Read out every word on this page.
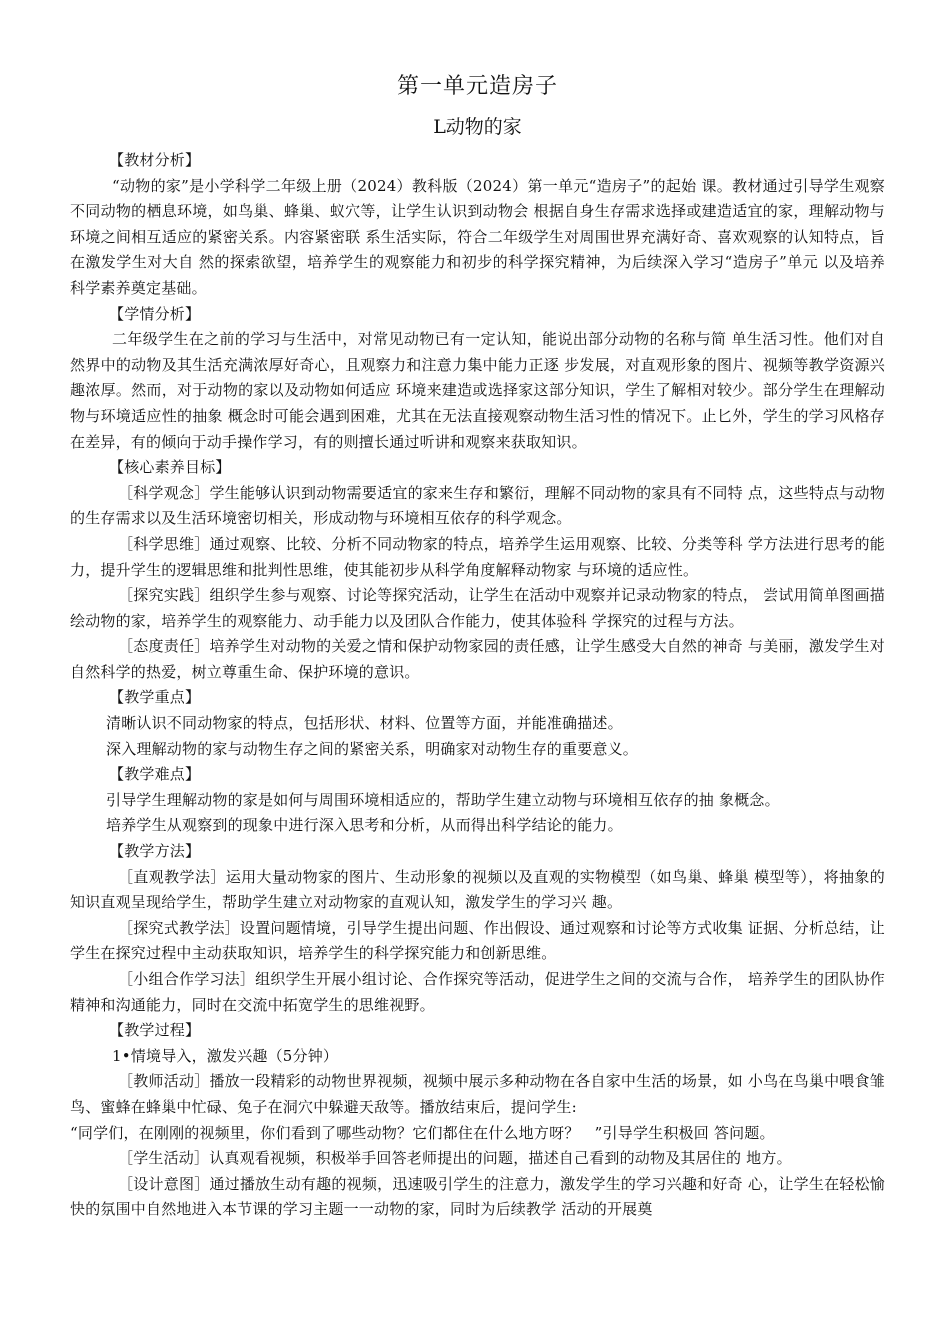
第一单元造房子
L动物的家

【教材分析】

“动物的家”是小学科学二年级上册（2024）教科版（2024）第一单元“造房子”的起始 课。教材通过引导学生观察不同动物的栖息环境，如鸟巢、蜂巢、蚁穴等，让学生认识到动物会 根据自身生存需求选择或建造适宜的家，理解动物与环境之间相互适应的紧密关系。内容紧密联 系生活实际，符合二年级学生对周围世界充满好奇、喜欢观察的认知特点，旨在激发学生对大自 然的探索欲望，培养学生的观察能力和初步的科学探究精神，为后续深入学习“造房子”单元 以及培养科学素养奠定基础。

【学情分析】

二年级学生在之前的学习与生活中，对常见动物已有一定认知，能说出部分动物的名称与简 单生活习性。他们对自然界中的动物及其生活充满浓厚好奇心，且观察力和注意力集中能力正逐 步发展，对直观形象的图片、视频等教学资源兴趣浓厚。然而，对于动物的家以及动物如何适应 环境来建造或选择家这部分知识，学生了解相对较少。部分学生在理解动物与环境适应性的抽象 概念时可能会遇到困难，尤其在无法直接观察动物生活习性的情况下。止匕外，学生的学习风格存 在差异，有的倾向于动手操作学习，有的则擅长通过听讲和观察来获取知识。

【核心素养目标】

［科学观念］学生能够认识到动物需要适宜的家来生存和繁衍，理解不同动物的家具有不同特 点，这些特点与动物的生存需求以及生活环境密切相关，形成动物与环境相互依存的科学观念。

［科学思维］通过观察、比较、分析不同动物家的特点，培养学生运用观察、比较、分类等科 学方法进行思考的能力，提升学生的逻辑思维和批判性思维，使其能初步从科学角度解释动物家 与环境的适应性。

［探究实践］组织学生参与观察、讨论等探究活动，让学生在活动中观察并记录动物家的特点， 尝试用简单图画描绘动物的家，培养学生的观察能力、动手能力以及团队合作能力，使其体验科 学探究的过程与方法。

［态度责任］培养学生对动物的关爱之情和保护动物家园的责任感，让学生感受大自然的神奇 与美丽，激发学生对自然科学的热爱，树立尊重生命、保护环境的意识。

【教学重点】

清晰认识不同动物家的特点，包括形状、材料、位置等方面，并能准确描述。

深入理解动物的家与动物生存之间的紧密关系，明确家对动物生存的重要意义。

【教学难点】

引导学生理解动物的家是如何与周围环境相适应的，帮助学生建立动物与环境相互依存的抽 象概念。

培养学生从观察到的现象中进行深入思考和分析，从而得出科学结论的能力。

【教学方法】

［直观教学法］运用大量动物家的图片、生动形象的视频以及直观的实物模型（如鸟巢、蜂巢 模型等），将抽象的知识直观呈现给学生，帮助学生建立对动物家的直观认知，激发学生的学习兴 趣。

［探究式教学法］设置问题情境，引导学生提出问题、作出假设、通过观察和讨论等方式收集 证据、分析总结，让学生在探究过程中主动获取知识，培养学生的科学探究能力和创新思维。

［小组合作学习法］组织学生开展小组讨论、合作探究等活动，促进学生之间的交流与合作， 培养学生的团队协作精神和沟通能力，同时在交流中拓宽学生的思维视野。

【教学过程】

1•情境导入，激发兴趣（5分钟）

［教师活动］播放一段精彩的动物世界视频，视频中展示多种动物在各自家中生活的场景，如 小鸟在鸟巢中喂食雏鸟、蜜蜂在蜂巢中忙碌、兔子在洞穴中躲避天敌等。播放结束后，提问学生:

“同学们，在刚刚的视频里，你们看到了哪些动物？它们都住在什么地方呀？　”引导学生积极回 答问题。

［学生活动］认真观看视频，积极举手回答老师提出的问题，描述自己看到的动物及其居住的 地方。

［设计意图］通过播放生动有趣的视频，迅速吸引学生的注意力，激发学生的学习兴趣和好奇 心，让学生在轻松愉快的氛围中自然地进入本节课的学习主题一一动物的家，同时为后续教学 活动的开展奠
